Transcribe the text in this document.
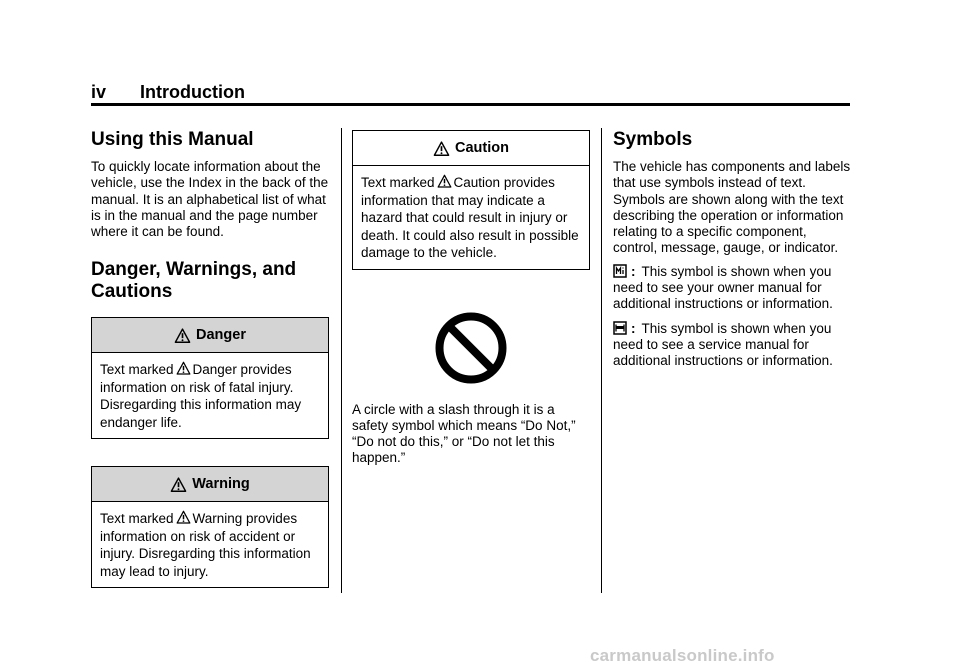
iv Introduction
Using this Manual

To quickly locate information about the vehicle, use the Index in the back of the manual. It is an alphabetical list of what is in the manual and the page number where it can be found.

Danger, Warnings, and
Cautions
Danger
Text marked Danger provides information on risk of fatal injury. Disregarding this information may endanger life.
Warning
Text marked Warning provides information on risk of accident or injury. Disregarding this information may lead to injury.
Caution
Text marked Caution provides information that may indicate a hazard that could result in injury or death. It could also result in possible damage to the vehicle.

A circle with a slash through it is a safety symbol which means “Do Not,” “Do not do this,” or “Do not let this happen.”

Symbols

The vehicle has components and labels that use symbols instead of text. Symbols are shown along with the text describing the operation or information relating to a specific component, control, message, gauge, or indicator.

: This symbol is shown when you need to see your owner manual for additional instructions or information.

: This symbol is shown when you need to see a service manual for additional instructions or information.

carmanualsonline.info
